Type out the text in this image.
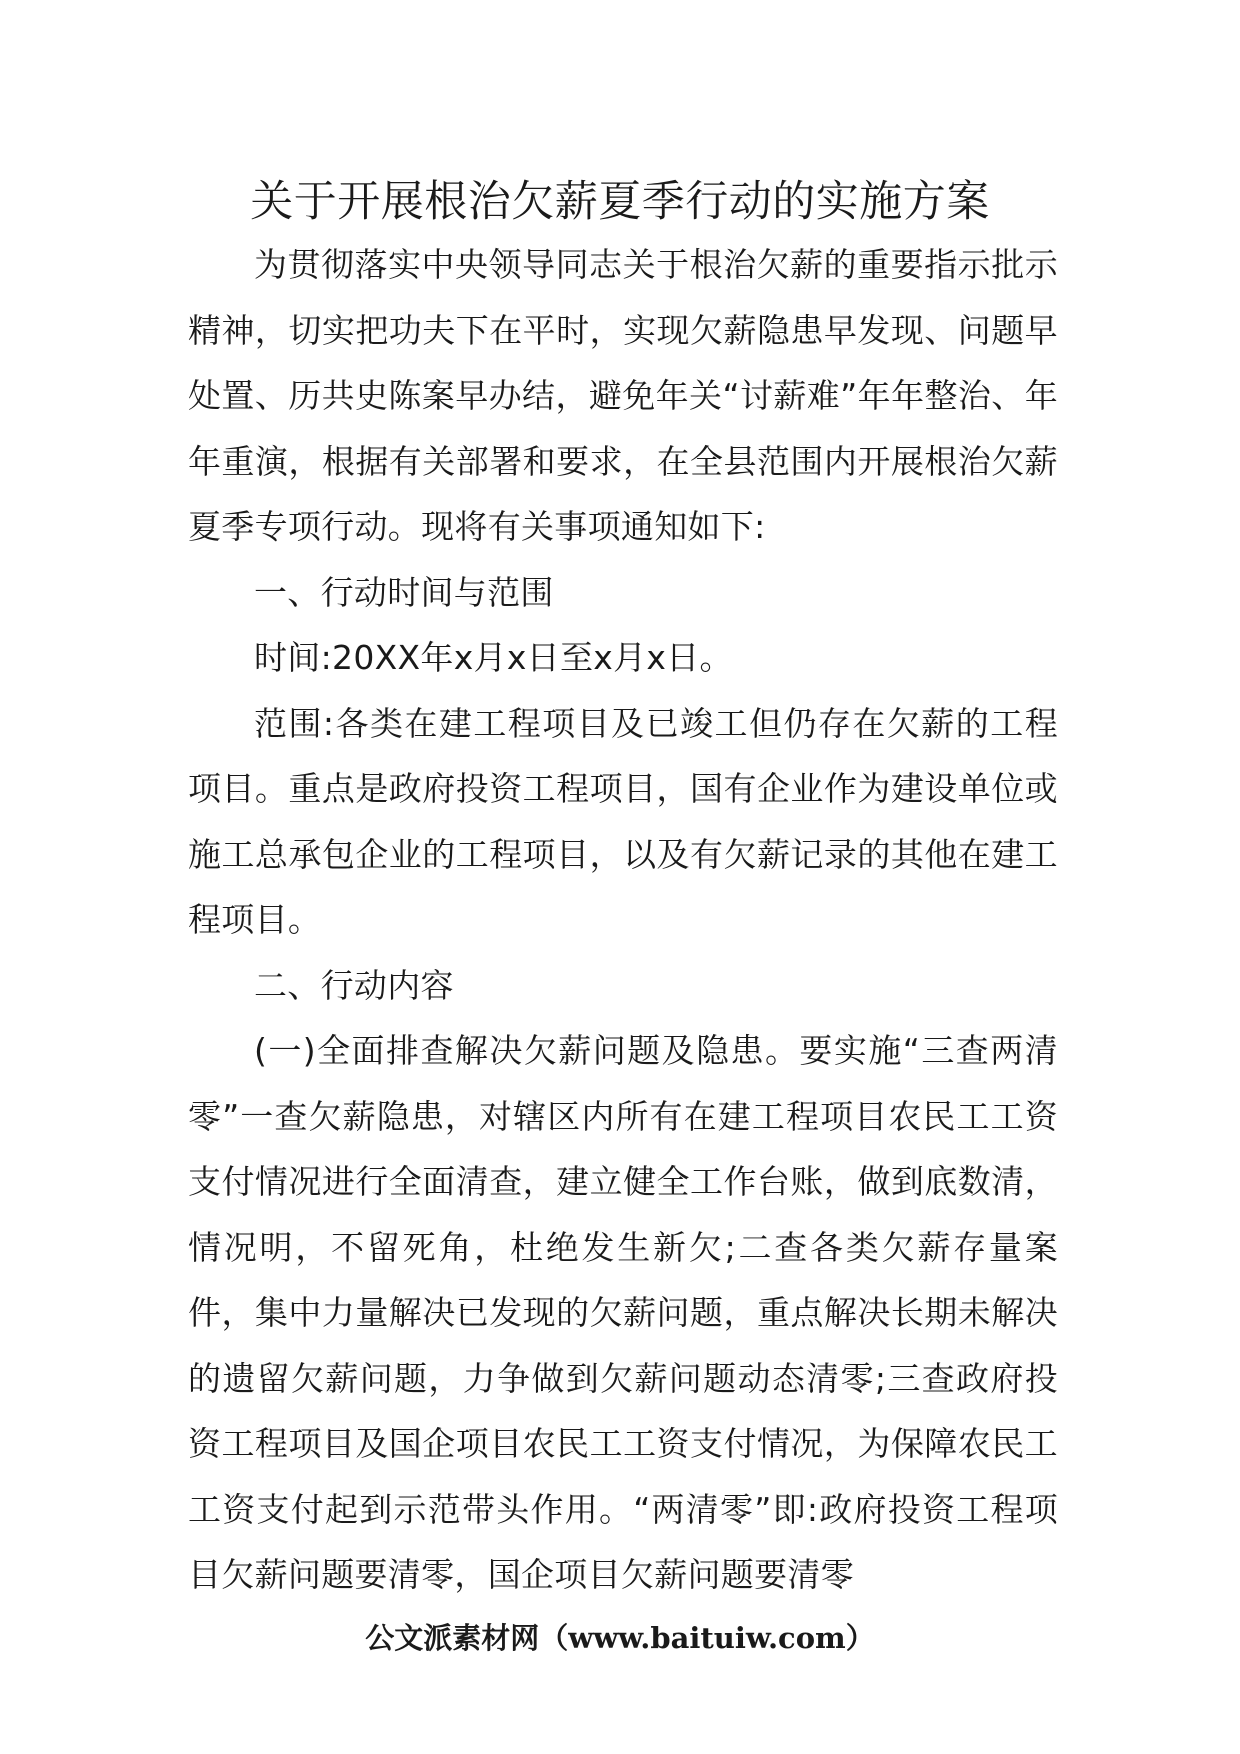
关于开展根治欠薪夏季行动的实施方案

为贯彻落实中央领导同志关于根治欠薪的重要指示批示精神，切实把功夫下在平时，实现欠薪隐患早发现、问题早处置、历共史陈案早办结，避免年关“讨薪难”年年整治、年年重演，根据有关部署和要求，在全县范围内开展根治欠薪夏季专项行动。现将有关事项通知如下:

一、行动时间与范围

时间:20XX年x月x日至x月x日。

范围:各类在建工程项目及已竣工但仍存在欠薪的工程项目。重点是政府投资工程项目，国有企业作为建设单位或施工总承包企业的工程项目，以及有欠薪记录的其他在建工程项目。

二、行动内容

(一)全面排查解决欠薪问题及隐患。要实施“三查两清零”一查欠薪隐患，对辖区内所有在建工程项目农民工工资支付情况进行全面清查，建立健全工作台账，做到底数清，情况明，不留死角，杜绝发生新欠;二查各类欠薪存量案件，集中力量解决已发现的欠薪问题，重点解决长期未解决的遗留欠薪问题，力争做到欠薪问题动态清零;三查政府投资工程项目及国企项目农民工工资支付情况，为保障农民工工资支付起到示范带头作用。“两清零”即:政府投资工程项目欠薪问题要清零，国企项目欠薪问题要清零

公文派素材网（www.baituiw.com）
